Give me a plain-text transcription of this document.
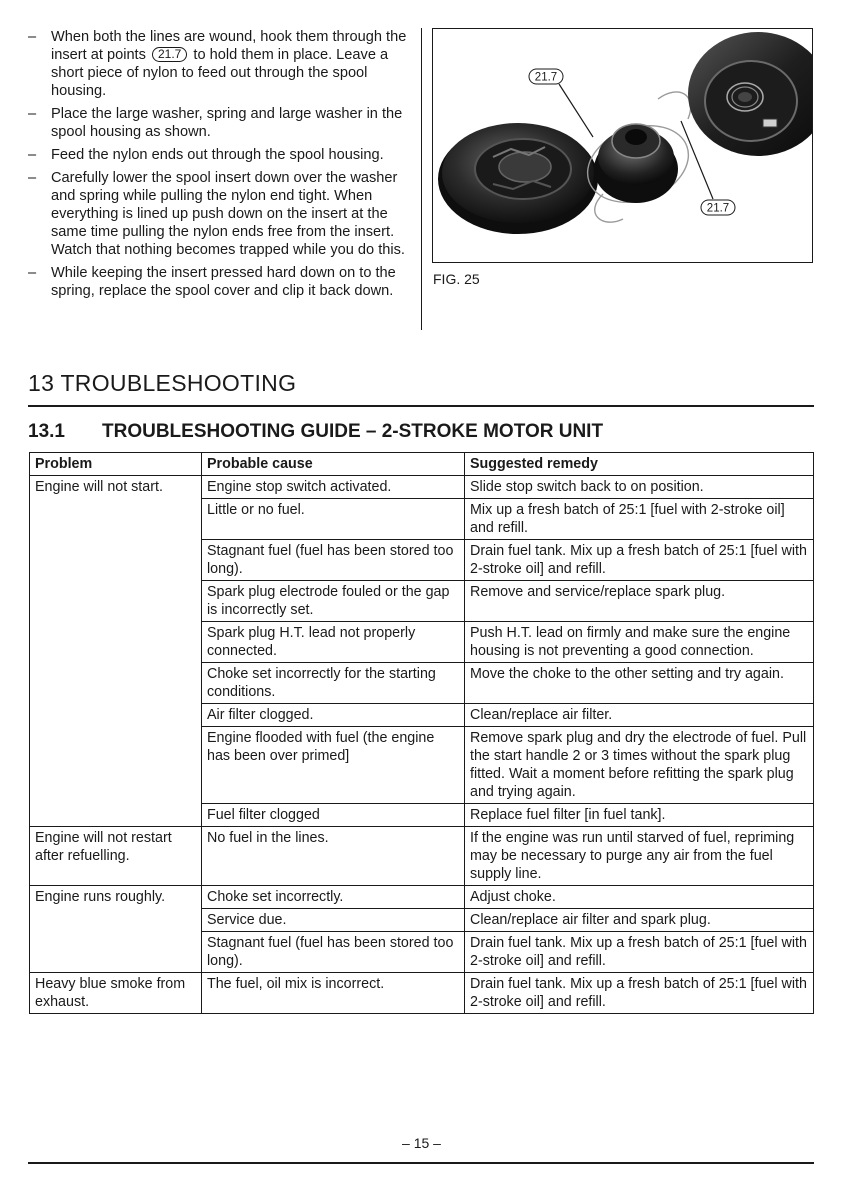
– When both the lines are wound, hook them through the insert at points 21.7 to hold them in place. Leave a short piece of nylon to feed out through the spool housing.
– Place the large washer, spring and large washer in the spool housing as shown.
– Feed the nylon ends out through the spool housing.
– Carefully lower the spool insert down over the washer and spring while pulling the nylon end tight. When everything is lined up push down on the insert at the same time pulling the nylon ends free from the insert. Watch that nothing becomes trapped while you do this.
– While keeping the insert pressed hard down on to the spring, replace the spool cover and clip it back down.
21.7
21.7
FIG. 25
13 TROUBLESHOOTING
13.1 TROUBLESHOOTING GUIDE – 2-STROKE MOTOR UNIT
Problem	Probable cause	Suggested remedy
Engine will not start.	Engine stop switch activated.	Slide stop switch back to on position.
	Little or no fuel.	Mix up a fresh batch of 25:1 [fuel with 2-stroke oil] and refill.
	Stagnant fuel (fuel has been stored too long).	Drain fuel tank. Mix up a fresh batch of 25:1 [fuel with 2-stroke oil] and refill.
	Spark plug electrode fouled or the gap is incorrectly set.	Remove and service/replace spark plug.
	Spark plug H.T. lead not properly connected.	Push H.T. lead on firmly and make sure the engine housing is not preventing a good connection.
	Choke set incorrectly for the starting conditions.	Move the choke to the other setting and try again.
	Air filter clogged.	Clean/replace air filter.
	Engine flooded with fuel (the engine has been over primed]	Remove spark plug and dry the electrode of fuel. Pull the start handle 2 or 3 times without the spark plug fitted. Wait a moment before refitting the spark plug and trying again.
	Fuel filter clogged	Replace fuel filter [in fuel tank].
Engine will not restart after refuelling.	No fuel in the lines.	If the engine was run until starved of fuel, repriming may be necessary to purge any air from the fuel supply line.
Engine runs roughly.	Choke set incorrectly.	Adjust choke.
	Service due.	Clean/replace air filter and spark plug.
	Stagnant fuel (fuel has been stored too long).	Drain fuel tank. Mix up a fresh batch of 25:1 [fuel with 2-stroke oil] and refill.
Heavy blue smoke from exhaust.	The fuel, oil mix is incorrect.	Drain fuel tank. Mix up a fresh batch of 25:1 [fuel with 2-stroke oil] and refill.
– 15 –
